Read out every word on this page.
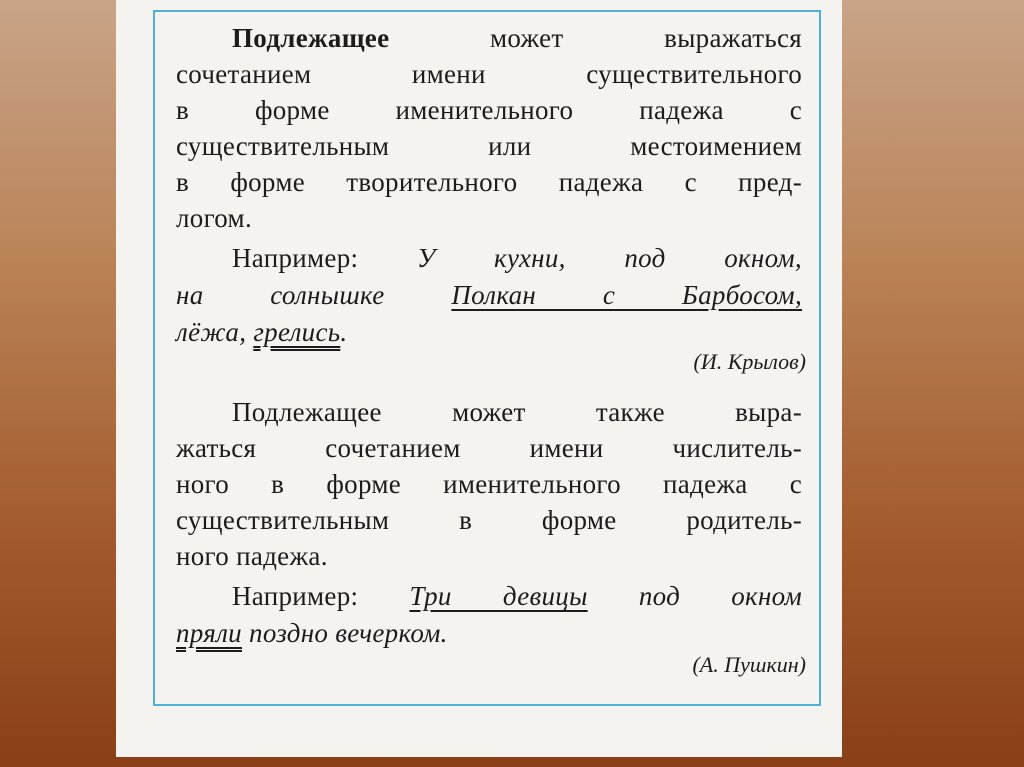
Подлежащее	может выражаться
сочетанием имени существительного
в форме именительного падежа с
существительным или местоимением
в форме творительного падежа с пред-
логом.
Например: У кухни, под окном,
на солнышке Полкан с Барбосом,
лёжа, грелись.
(И. Крылов)
Подлежащее может также выра-
жаться сочетанием имени числитель-
ного в форме именительного падежа с
существительным в форме родитель-
ного падежа.
Например: Три девицы под окном
пряли поздно вечерком.
(А. Пушкин)
